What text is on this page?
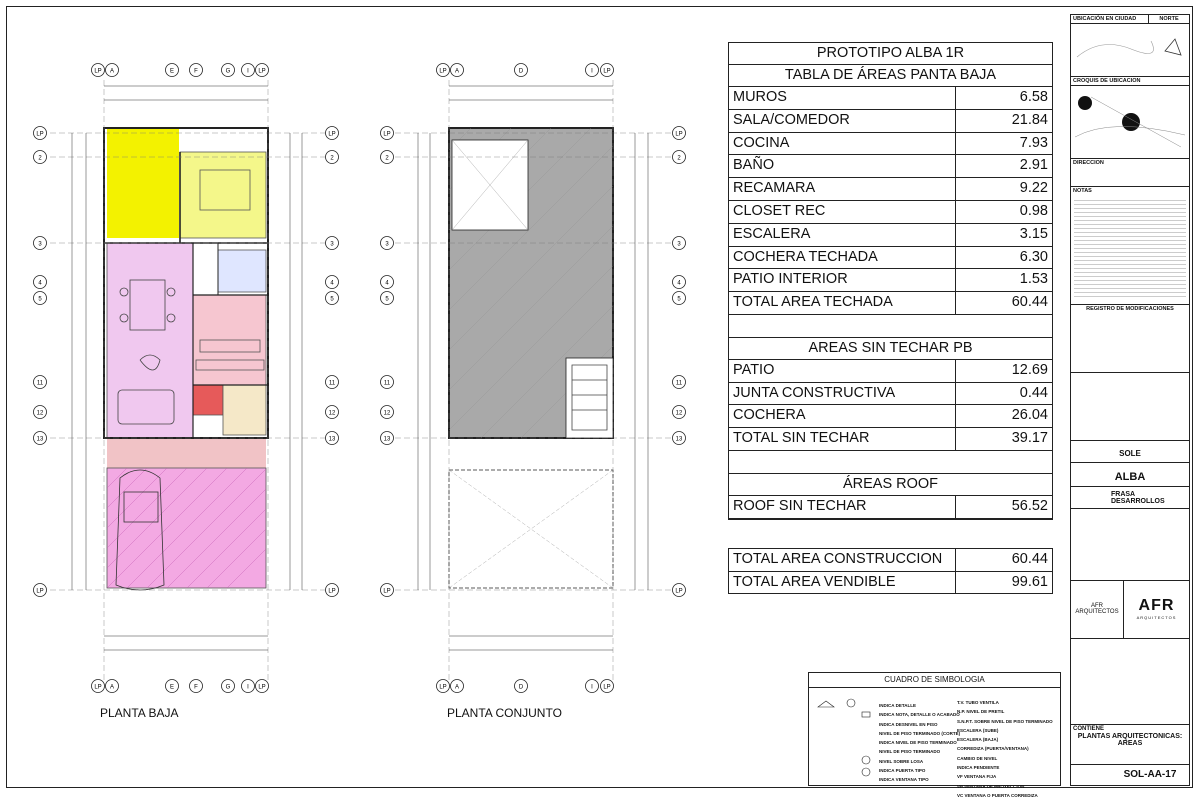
LP
LP
A
A
E
E
F
F
G
G
I
I
LP
LP
LP
LP
A
A
D
D
I
I
LP
LP
LP	LP	LP	LP
2	2	2	2
3	3	3	3
4	4	4	4
5	5	5	5
11	11	11	11
12	12	12	12
13	13	13	13
LP	LP	LP	LP
PLANTA BAJA	PLANTA CONJUNTO
PROTOTIPO ALBA 1R
TABLA DE ÁREAS PANTA BAJA
MUROS	6.58
SALA/COMEDOR	21.84
COCINA	7.93
BAÑO	2.91
RECAMARA	9.22
CLOSET REC	0.98
ESCALERA	3.15
COCHERA TECHADA	6.30
PATIO INTERIOR	1.53
TOTAL AREA TECHADA	60.44
AREAS SIN TECHAR PB
PATIO	12.69
JUNTA CONSTRUCTIVA	0.44
COCHERA	26.04
TOTAL SIN TECHAR	39.17
ÁREAS ROOF
ROOF SIN TECHAR	56.52
TOTAL AREA CONSTRUCCION	60.44
TOTAL AREA VENDIBLE	99.61
CUADRO DE SIMBOLOGIA
INDICA DETALLE
INDICA NOTA, DETALLE O ACABADO
INDICA DESNIVEL EN PISO
NIVEL DE PISO TERMINADO (CORTE)
INDICA NIVEL DE PISO TERMINADO
NIVEL DE PISO TERMINADO
NIVEL SOBRE LOSA
INDICA PUERTA TIPO
INDICA VENTANA TIPO
T.V. TUBO VENTILA
N.P. NIVEL DE PRETIL
S.N.P.T. SOBRE NIVEL DE PISO TERMINADO
ESCALERA (SUBE)
ESCALERA (BAJA)
CORREDIZA (PUERTA/VENTANA)
CAMBIO DE NIVEL
INDICA PENDIENTE
VF VENTANA FIJA
VP VENTANA DE PROYECCION
VC VENTANA O PUERTA CORREDIZA
UBICACIÓN EN CIUDAD	NORTE
CROQUIS DE UBICACION
DIRECCION
NOTAS
REGISTRO DE MODIFICACIONES
SOLE
ALBA
FRASA DESARROLLOS
AFR ARQUITECTOS	AFR
ARQUITECTOS
CONTIENE
PLANTAS ARQUITECTONICAS: AREAS
SOL-AA-17
